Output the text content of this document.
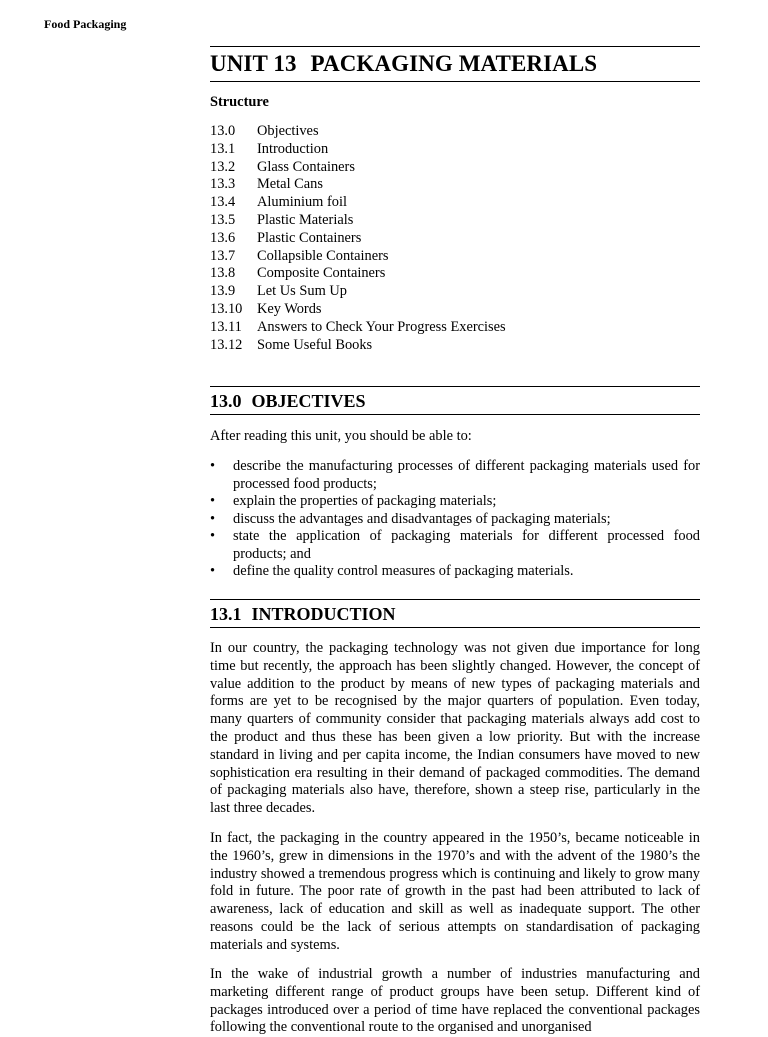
Food Packaging
UNIT 13 PACKAGING MATERIALS
Structure
13.0 Objectives
13.1 Introduction
13.2 Glass Containers
13.3 Metal Cans
13.4 Aluminium foil
13.5 Plastic Materials
13.6 Plastic Containers
13.7 Collapsible Containers
13.8 Composite Containers
13.9 Let Us Sum Up
13.10 Key Words
13.11 Answers to Check Your Progress Exercises
13.12 Some Useful Books
13.0 OBJECTIVES
After reading this unit, you should be able to:
• describe the manufacturing processes of different packaging materials used for processed food products;
• explain the properties of packaging materials;
• discuss the advantages and disadvantages of packaging materials;
• state the application of packaging materials for different processed food products; and
• define the quality control measures of packaging materials.
13.1 INTRODUCTION
In our country, the packaging technology was not given due importance for long time but recently, the approach has been slightly changed. However, the concept of value addition to the product by means of new types of packaging materials and forms are yet to be recognised by the major quarters of population. Even today, many quarters of community consider that packaging materials always add cost to the product and thus these has been given a low priority. But with the increase standard in living and per capita income, the Indian consumers have moved to new sophistication era resulting in their demand of packaged commodities. The demand of packaging materials also have, therefore, shown a steep rise, particularly in the last three decades.
In fact, the packaging in the country appeared in the 1950’s, became noticeable in the 1960’s, grew in dimensions in the 1970’s and with the advent of the 1980’s the industry showed a tremendous progress which is continuing and likely to grow many fold in future. The poor rate of growth in the past had been attributed to lack of awareness, lack of education and skill as well as inadequate support. The other reasons could be the lack of serious attempts on standardisation of packaging materials and systems.
In the wake of industrial growth a number of industries manufacturing and marketing different range of product groups have been setup. Different kind of packages introduced over a period of time have replaced the conventional packages following the conventional route to the organised and unorganised
